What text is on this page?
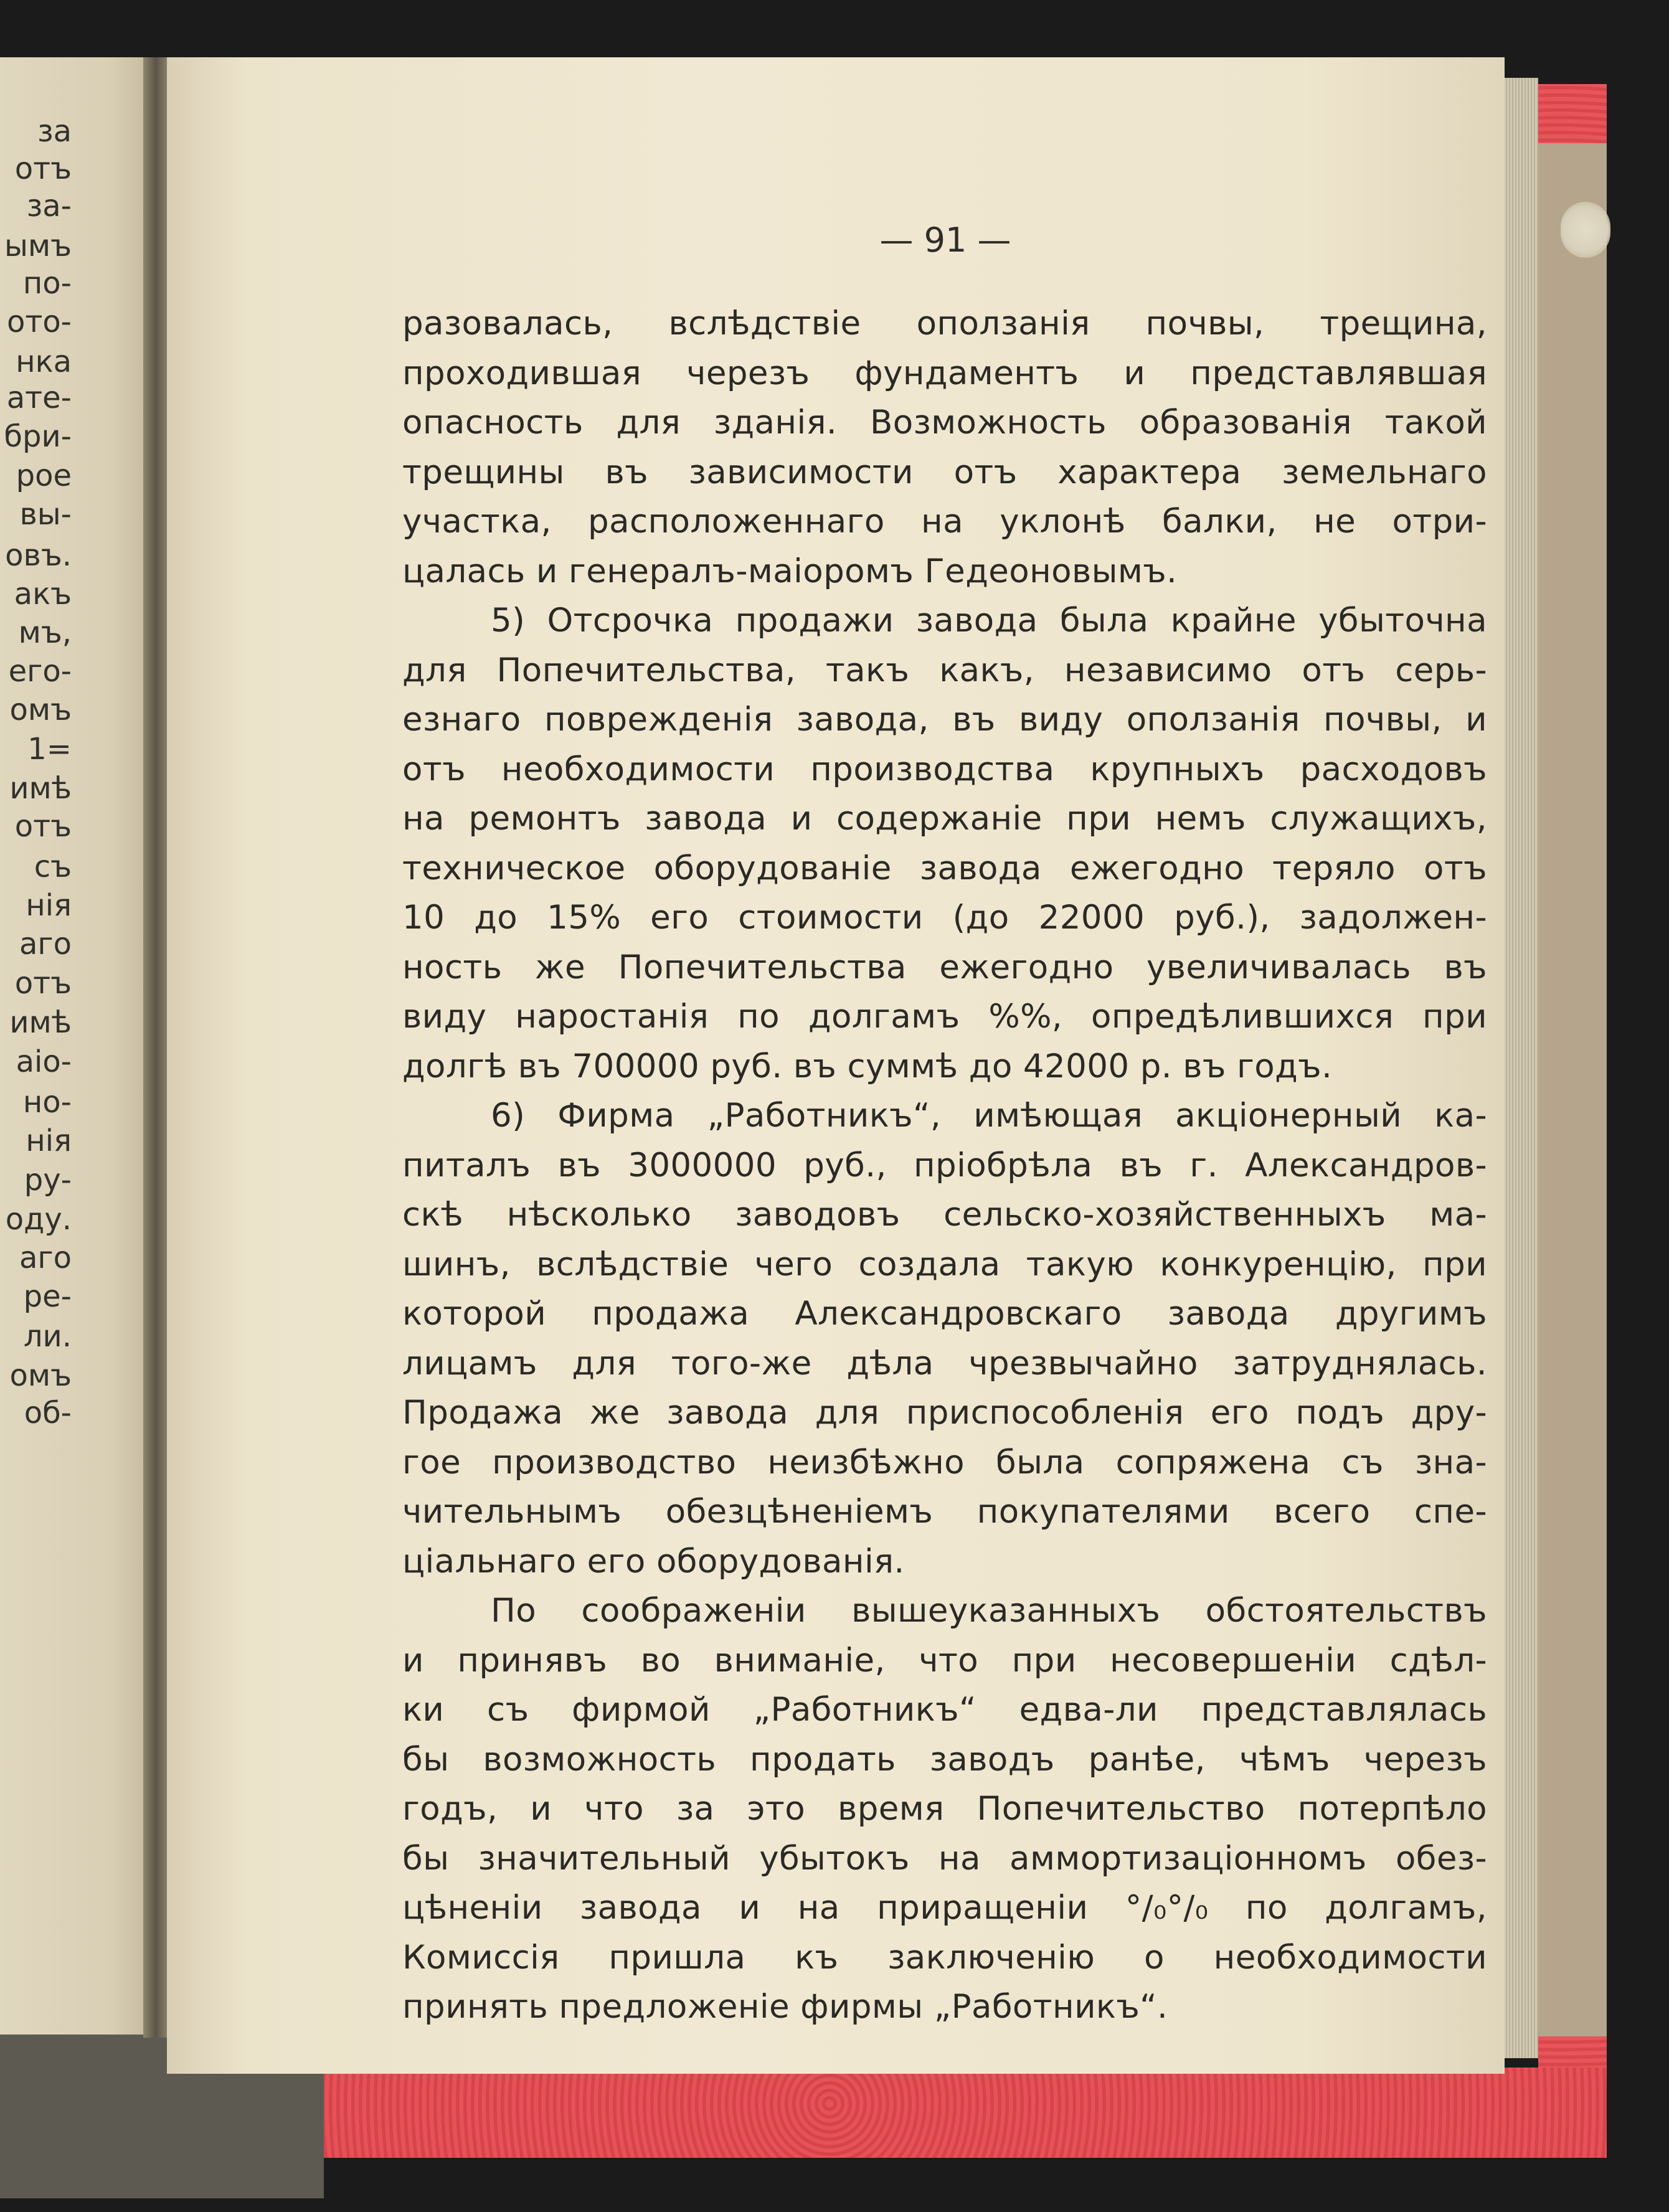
за
отъ
за-
ымъ
по-
ото-
нка
ате-
бри-
рое
вы-
овъ.
акъ
мъ,
его-
омъ
1=
имѣ
отъ
съ
нія
аго
отъ
имѣ
аіо-
но-
нія
ру-
оду.
аго
ре-
ли.
омъ
об-
— 91 —
разовалась, вслѣдствіе оползанія почвы, трещина,
проходившая черезъ фундаментъ и представлявшая
опасность для зданія. Возможность образованія такой
трещины въ зависимости отъ характера земельнаго
участка, расположеннаго на уклонѣ балки, не отри-
цалась и генералъ-маіоромъ Гедеоновымъ.
5) Отсрочка продажи завода была крайне убыточна
для Попечительства, такъ какъ, независимо отъ серь-
езнаго поврежденія завода, въ виду оползанія почвы, и
отъ необходимости производства крупныхъ расходовъ
на ремонтъ завода и содержаніе при немъ служащихъ,
техническое оборудованіе завода ежегодно теряло отъ
10 до 15% его стоимости (до 22000 руб.), задолжен-
ность же Попечительства ежегодно увеличивалась въ
виду наростанія по долгамъ %%, опредѣлившихся при
долгѣ въ 700000 руб. въ суммѣ до 42000 р. въ годъ.
6) Фирма „Работникъ“, имѣющая акціонерный ка-
питалъ въ 3000000 руб., пріобрѣла въ г. Александров-
скѣ нѣсколько заводовъ сельско-хозяйственныхъ ма-
шинъ, вслѣдствіе чего создала такую конкуренцію, при
которой продажа Александровскаго завода другимъ
лицамъ для того-же дѣла чрезвычайно затруднялась.
Продажа же завода для приспособленія его подъ дру-
гое производство неизбѣжно была сопряжена съ зна-
чительнымъ обезцѣненіемъ покупателями всего спе-
ціальнаго его оборудованія.
По соображеніи вышеуказанныхъ обстоятельствъ
и принявъ во вниманіе, что при несовершеніи сдѣл-
ки съ фирмой „Работникъ“ едва-ли представлялась
бы возможность продать заводъ ранѣе, чѣмъ черезъ
годъ, и что за это время Попечительство потерпѣло
бы значительный убытокъ на аммортизаціонномъ обез-
цѣненіи завода и на приращеніи °/₀°/₀ по долгамъ,
Комиссія пришла къ заключенію о необходимости
принять предложеніе фирмы „Работникъ“.
